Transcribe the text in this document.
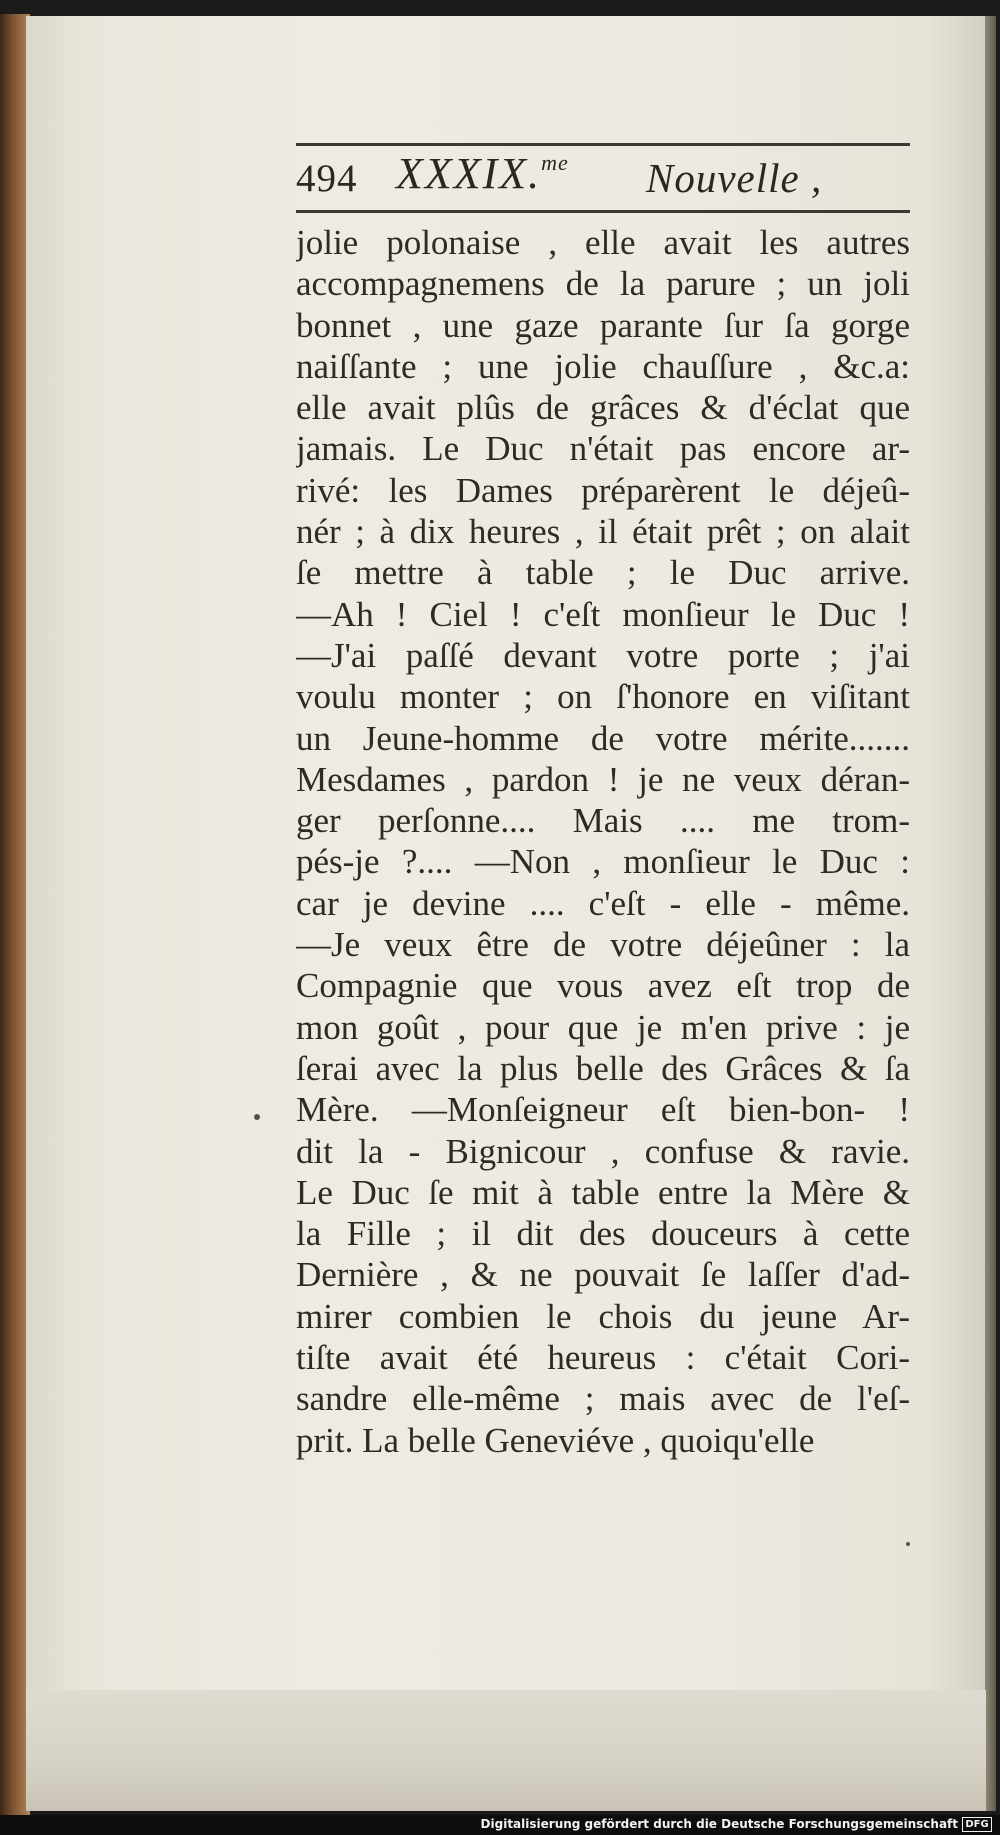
494 XXXIX.$^{me}$ Nouvelle ,
jolie polonaise , elle avait les autres
accompagnemens de la parure ; un joli
bonnet , une gaze parante ſur ſa gorge
naiſſante ; une jolie chauſſure , &c.a:
elle avait plûs de grâces & d'éclat que
jamais. Le Duc n'était pas encore ar-
rivé: les Dames préparèrent le déjeû-
nér ; à dix heures , il était prêt ; on alait
ſe mettre à table ; le Duc arrive.
—Ah ! Ciel ! c'eſt monſieur le Duc !
—J'ai paſſé devant votre porte ; j'ai
voulu monter ; on ſ'honore en viſitant
un Jeune-homme de votre mérite.......
Mesdames , pardon ! je ne veux déran-
ger perſonne.... Mais .... me trom-
pés-je ?.... —Non , monſieur le Duc :
car je devine .... c'eſt - elle - même.
—Je veux être de votre déjeûner : la
Compagnie que vous avez eſt trop de
mon goût , pour que je m'en prive : je
ſerai avec la plus belle des Grâces & ſa
Mère. —Monſeigneur eſt bien-bon- !
dit la - Bignicour , confuse & ravie.
Le Duc ſe mit à table entre la Mère &
la Fille ; il dit des douceurs à cette
Dernière , & ne pouvait ſe laſſer d'ad-
mirer combien le chois du jeune Ar-
tiſte avait été heureus : c'était Cori-
sandre elle-même ; mais avec de l'eſ-
prit. La belle Geneviéve , quoiqu'elle
Digitalisierung gefördert durch die Deutsche Forschungsgemeinschaft DFG
